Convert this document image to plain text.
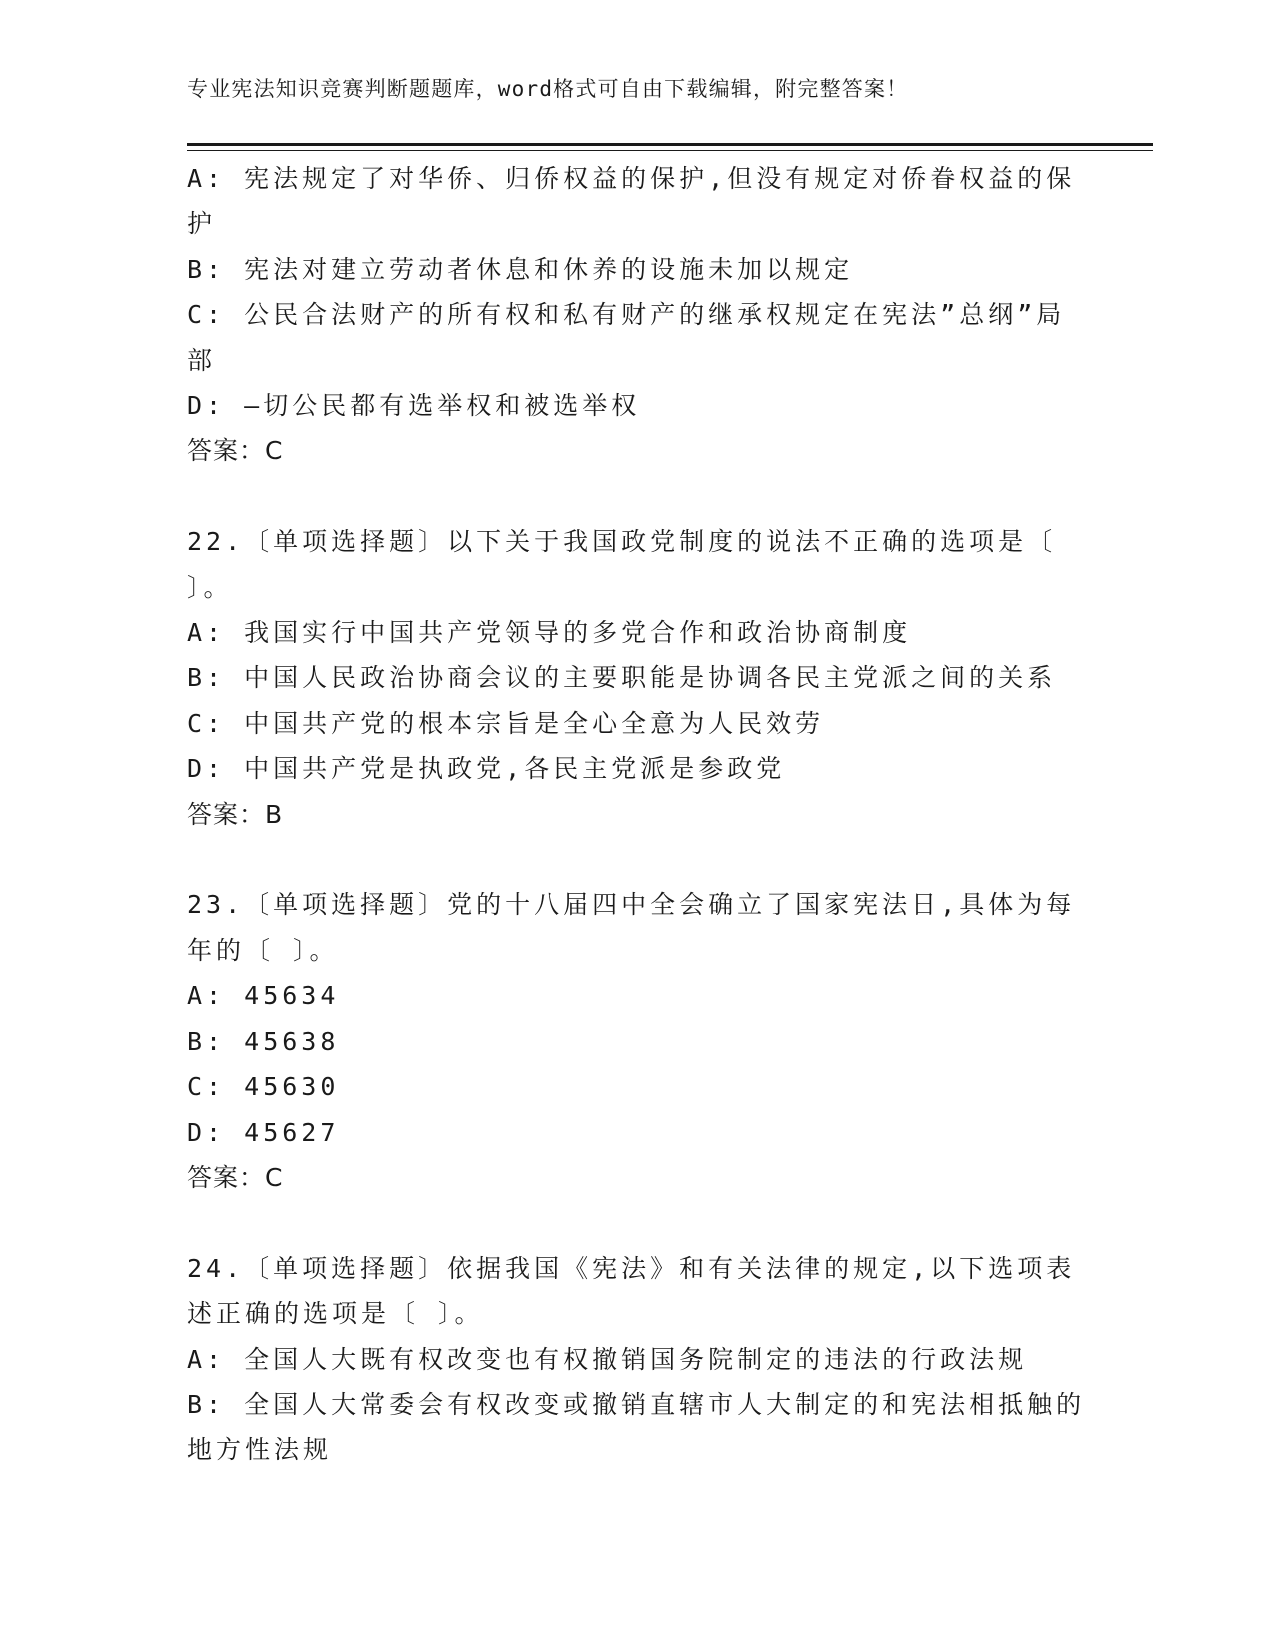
专业宪法知识竞赛判断题题库，word格式可自由下载编辑，附完整答案！
A: 宪法规定了对华侨、归侨权益的保护,但没有规定对侨眷权益的保
护
B: 宪法对建立劳动者休息和休养的设施未加以规定
C: 公民合法财产的所有权和私有财产的继承权规定在宪法”总纲”局
部
D: —切公民都有选举权和被选举权
答案：C
22.〔单项选择题〕以下关于我国政党制度的说法不正确的选项是〔
〕。
A: 我国实行中国共产党领导的多党合作和政治协商制度
B: 中国人民政治协商会议的主要职能是协调各民主党派之间的关系
C: 中国共产党的根本宗旨是全心全意为人民效劳
D: 中国共产党是执政党,各民主党派是参政党
答案：B
23.〔单项选择题〕党的十八届四中全会确立了国家宪法日,具体为每
年的〔 〕。
A: 45634
B: 45638
C: 45630
D: 45627
答案：C
24.〔单项选择题〕依据我国《宪法》和有关法律的规定,以下选项表
述正确的选项是〔 〕。
A: 全国人大既有权改变也有权撤销国务院制定的违法的行政法规
B: 全国人大常委会有权改变或撤销直辖市人大制定的和宪法相抵触的
地方性法规
